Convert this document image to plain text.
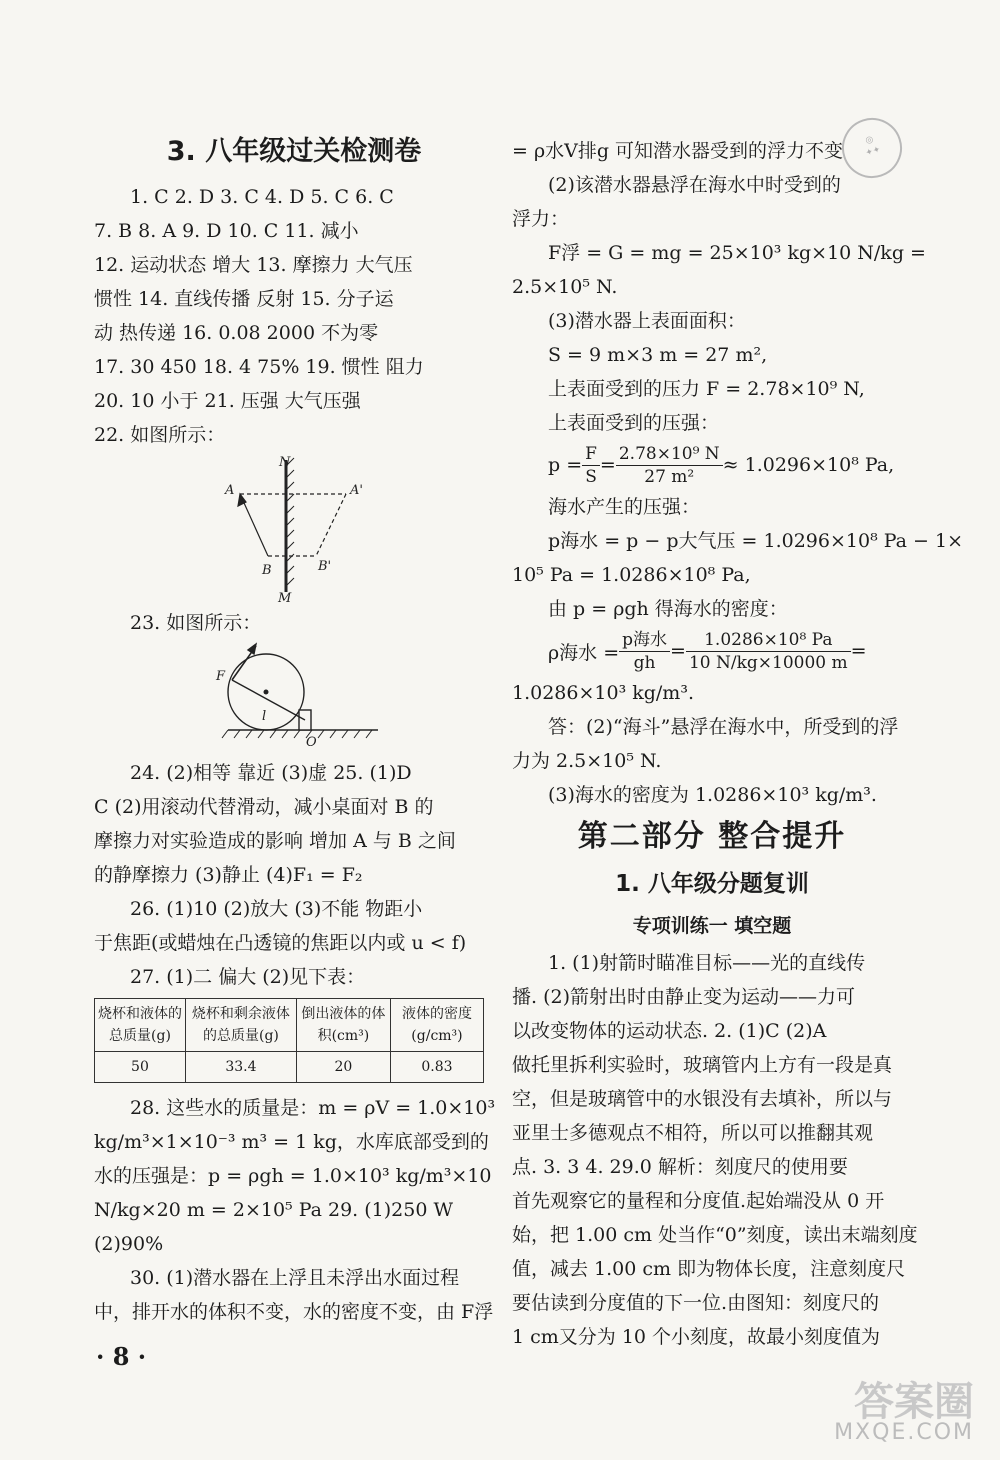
3. 八年级过关检测卷
1. C 2. D 3. C 4. D 5. C 6. C
7. B 8. A 9. D 10. C 11. 减小
12. 运动状态 增大 13. 摩擦力 大气压
惯性 14. 直线传播 反射 15. 分子运
动 热传递 16. 0.08 2000 不为零
17. 30 450 18. 4 75% 19. 惯性 阻力
20. 10 小于 21. 压强 大气压强
22. 如图所示：
N
M
A	A'
B	B'
23. 如图所示：
F
l
O
24. (2)相等 靠近 (3)虚 25. (1)D
C (2)用滚动代替滑动，减小桌面对 B 的
摩擦力对实验造成的影响 增加 A 与 B 之间
的静摩擦力 (3)静止 (4)F₁ = F₂
26. (1)10 (2)放大 (3)不能 物距小
于焦距(或蜡烛在凸透镜的焦距以内或 u < f)
27. (1)二 偏大 (2)见下表：
烧杯和液体的总质量(g)	烧杯和剩余液体的总质量(g)	倒出液体的体积(cm³)	液体的密度(g/cm³)
50	33.4	20	0.83
28. 这些水的质量是：m = ρV = 1.0×10³
kg/m³×1×10⁻³ m³ = 1 kg，水库底部受到的
水的压强是：p = ρgh = 1.0×10³ kg/m³×10
N/kg×20 m = 2×10⁵ Pa 29. (1)250 W
(2)90%
30. (1)潜水器在上浮且未浮出水面过程
中，排开水的体积不变，水的密度不变，由 F浮
= ρ水V排g 可知潜水器受到的浮力不变
(2)该潜水器悬浮在海水中时受到的
浮力：
F浮 = G = mg = 25×10³ kg×10 N/kg =
2.5×10⁵ N.
(3)潜水器上表面面积：
S = 9 m×3 m = 27 m²,
上表面受到的压力 F = 2.78×10⁹ N,
上表面受到的压强：
$p = \frac{F}{S} = \frac{\text{2.78×10⁹ N}}{\text{27 m²}} \approx 1.0296\times 10^8$ Pa,
海水产生的压强：
p海水 = p − p大气压 = 1.0296×10⁸ Pa − 1×
10⁵ Pa = 1.0286×10⁸ Pa,
由 p = ρgh 得海水的密度：
ρ海水 = $\frac{\text{p海水}}{gh} = \frac{\text{1.0286×10⁸ Pa}}{10 N/kg\times 10000 m}$ =
1.0286×10³ kg/m³.
答：(2)“海斗”悬浮在海水中，所受到的浮
力为 2.5×10⁵ N.
(3)海水的密度为 1.0286×10³ kg/m³.
第二部分 整合提升
1. 八年级分题复训
专项训练一 填空题
1. (1)射箭时瞄准目标——光的直线传
播. (2)箭射出时由静止变为运动——力可
以改变物体的运动状态. 2. (1)C (2)A
做托里拆利实验时，玻璃管内上方有一段是真
空，但是玻璃管中的水银没有去填补，所以与
亚里士多德观点不相符，所以可以推翻其观
点. 3. 3 4. 29.0 解析：刻度尺的使用要
首先观察它的量程和分度值.起始端没从 0 开
始，把 1.00 cm 处当作“0”刻度，读出末端刻度
值，减去 1.00 cm 即为物体长度，注意刻度尺
要估读到分度值的下一位.由图知：刻度尺的
1 cm又分为 10 个小刻度，故最小刻度值为
◎
✦✦
· 8 ·
答案圈
MXQE.COM
